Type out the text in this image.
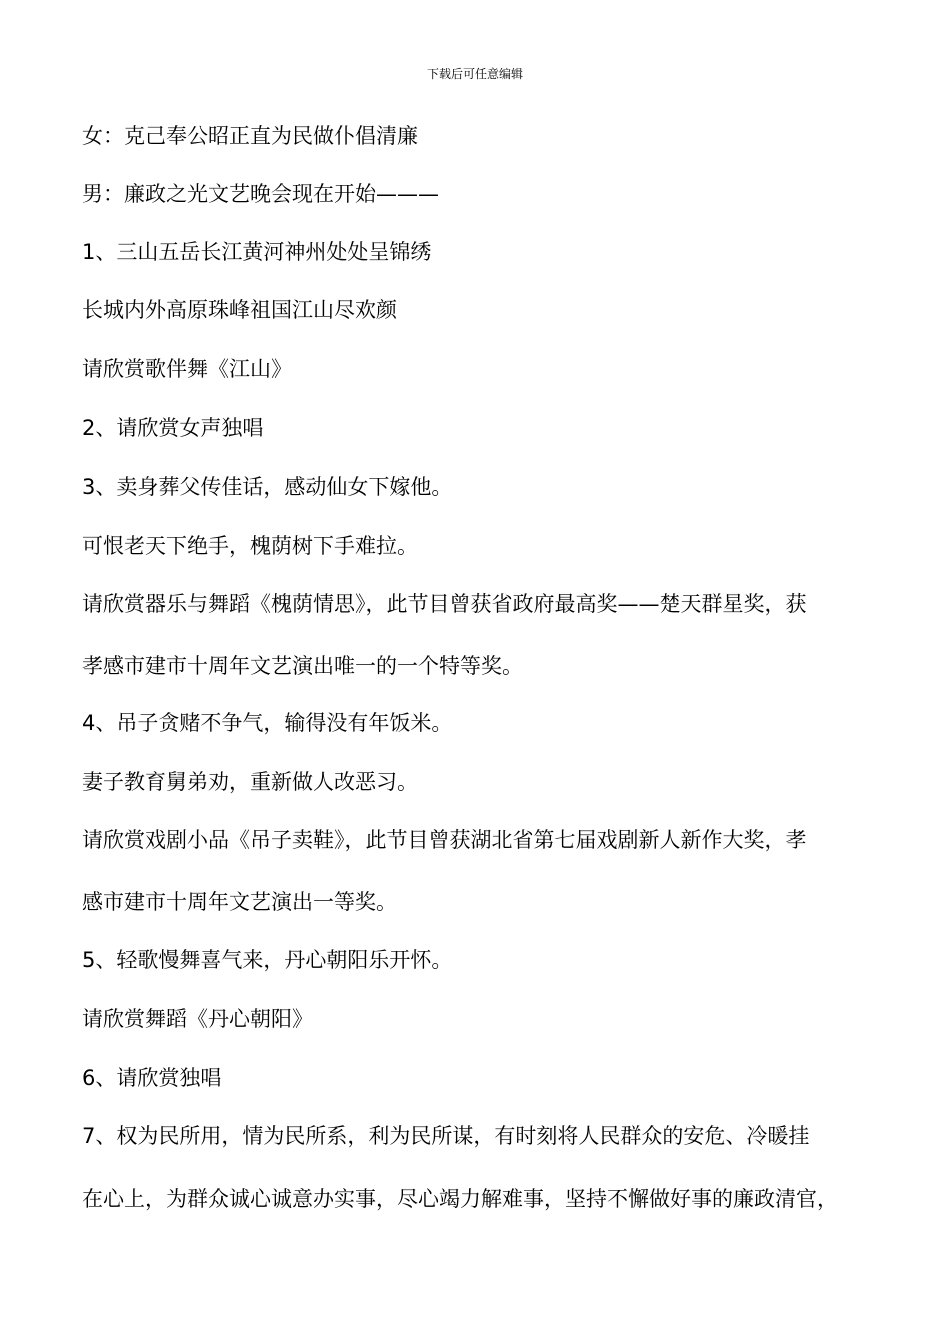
下载后可任意编辑
女：克己奉公昭正直为民做仆倡清廉
男：廉政之光文艺晚会现在开始———
1、三山五岳长江黄河神州处处呈锦绣
长城内外高原珠峰祖国江山尽欢颜
请欣赏歌伴舞《江山》
2、请欣赏女声独唱
3、卖身葬父传佳话，感动仙女下嫁他。
可恨老天下绝手，槐荫树下手难拉。
请欣赏器乐与舞蹈《槐荫情思》，此节目曾获省政府最高奖——楚天群星奖，获
孝感市建市十周年文艺演出唯一的一个特等奖。
4、吊子贪赌不争气，输得没有年饭米。
妻子教育舅弟劝，重新做人改恶习。
请欣赏戏剧小品《吊子卖鞋》，此节目曾获湖北省第七届戏剧新人新作大奖，孝
感市建市十周年文艺演出一等奖。
5、轻歌慢舞喜气来，丹心朝阳乐开怀。
请欣赏舞蹈《丹心朝阳》
6、请欣赏独唱
7、权为民所用，情为民所系，利为民所谋，有时刻将人民群众的安危、冷暖挂
在心上，为群众诚心诚意办实事，尽心竭力解难事，坚持不懈做好事的廉政清官，
